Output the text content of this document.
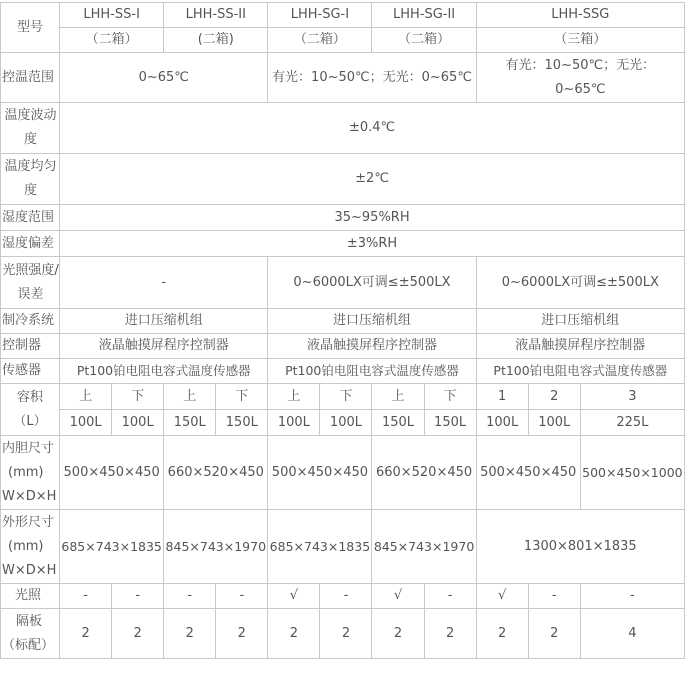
型号	LHH-SS-I		LHH-SS-II		LHH-SG-I		LHH-SG-II		LHH-SSG		
	（二箱）		(二箱)		（二箱）		（二箱）		（三箱）		
控温范围	0~65℃				有光：10~50℃；无光：0~65℃				有光：10~50℃；无光：0~65℃		
温度波动度	±0.4℃										
温度均匀度	±2℃										
湿度范围	35~95%RH										
湿度偏差	±3%RH										
光照强度/误差	-				0~6000LX可调≤±500LX				0~6000LX可调≤±500LX		
制冷系统	进口压缩机组				进口压缩机组				进口压缩机组		
控制器	液晶触摸屏程序控制器				液晶触摸屏程序控制器				液晶触摸屏程序控制器		
传感器	Pt100铂电阻电容式温度传感器				Pt100铂电阻电容式温度传感器				Pt100铂电阻电容式温度传感器		
容积（L）	上	下	上	下	上	下	上	下	1	2	3
	100L	100L	150L	150L	100L	100L	150L	150L	100L	100L	225L

内胆尺寸
(mm)
W×D×H	500×450×450		660×520×450		500×450×450		660×520×450		500×450×450		500×450×1000

外形尺寸
(mm)
W×D×H	685×743×1835		845×743×1970		685×743×1835		845×743×1970		1300×801×1835		
光照	-	-	-	-	√	-	√	-	√	-	-

隔板
（标配）	2	2	2	2	2	2	2	2	2	2	4
